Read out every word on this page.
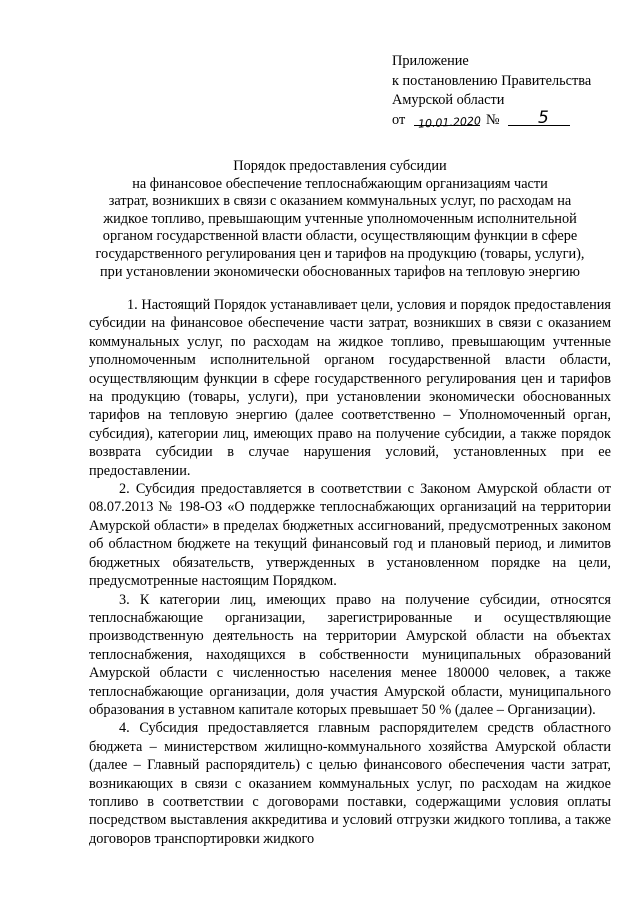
Приложение
к постановлению Правительства
Амурской области
от 10.01.2020 № 5
Порядок предоставления субсидии
на финансовое обеспечение теплоснабжающим организациям части
затрат, возникших в связи с оказанием коммунальных услуг, по расходам на
жидкое топливо, превышающим учтенные уполномоченным исполнительной
органом государственной власти области, осуществляющим функции в сфере
государственного регулирования цен и тарифов на продукцию (товары, услуги),
при установлении экономически обоснованных тарифов на тепловую энергию

1. Настоящий Порядок устанавливает цели, условия и порядок предоставления субсидии на финансовое обеспечение части затрат, возникших в связи с оказанием коммунальных услуг, по расходам на жидкое топливо, превышающим учтенные уполномоченным исполнительной органом государственной власти области, осуществляющим функции в сфере государственного регулирования цен и тарифов на продукцию (товары, услуги), при установлении экономически обоснованных тарифов на тепловую энергию (далее соответственно – Уполномоченный орган, субсидия), категории лиц, имеющих право на получение субсидии, а также порядок возврата субсидии в случае нарушения условий, установленных при ее предоставлении.

2. Субсидия предоставляется в соответствии с Законом Амурской области от 08.07.2013 № 198-ОЗ «О поддержке теплоснабжающих организаций на территории Амурской области» в пределах бюджетных ассигнований, предусмотренных законом об областном бюджете на текущий финансовый год и плановый период, и лимитов бюджетных обязательств, утвержденных в установленном порядке на цели, предусмотренные настоящим Порядком.

3. К категории лиц, имеющих право на получение субсидии, относятся теплоснабжающие организации, зарегистрированные и осуществляющие производственную деятельность на территории Амурской области на объектах теплоснабжения, находящихся в собственности муниципальных образований Амурской области с численностью населения менее 180000 человек, а также теплоснабжающие организации, доля участия Амурской области, муниципального образования в уставном капитале которых превышает 50 % (далее – Организации).

4. Субсидия предоставляется главным распорядителем средств областного бюджета – министерством жилищно-коммунального хозяйства Амурской области (далее – Главный распорядитель) с целью финансового обеспечения части затрат, возникающих в связи с оказанием коммунальных услуг, по расходам на жидкое топливо в соответствии с договорами поставки, содержащими условия оплаты посредством выставления аккредитива и условий отгрузки жидкого топлива, а также договоров транспортировки жидкого
